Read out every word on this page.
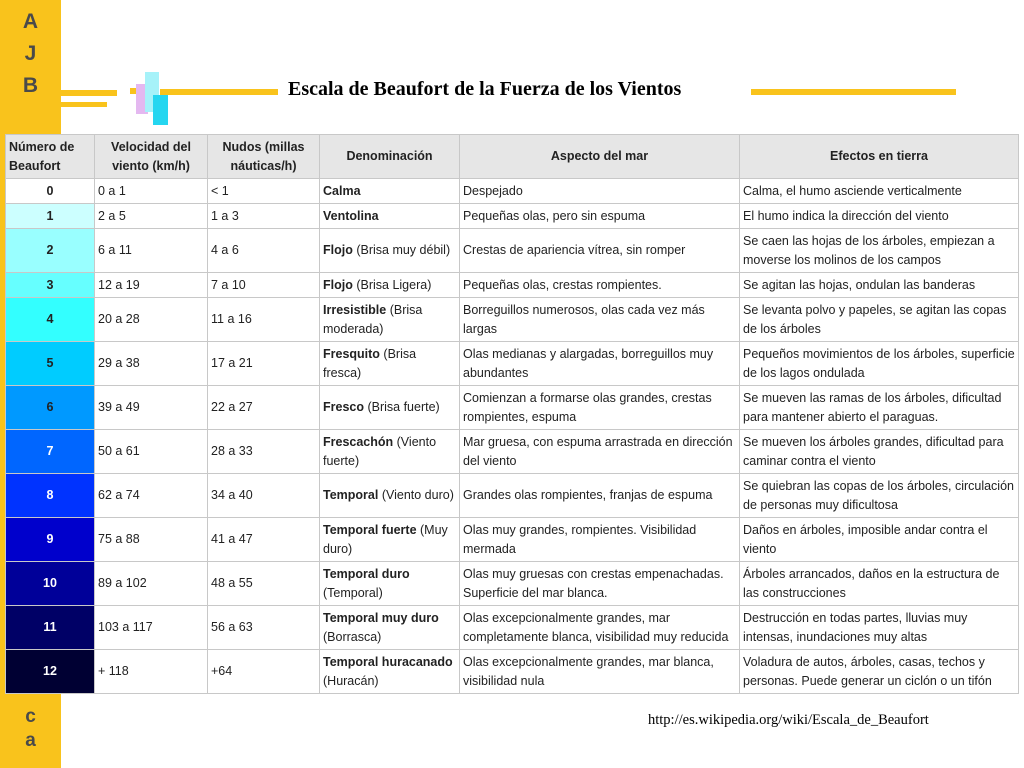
A
J
B
c
a
Escala de Beaufort de la Fuerza de los Vientos
Número de Beaufort	Velocidad del viento (km/h)	Nudos (millas náuticas/h)	Denominación	Aspecto del mar	Efectos en tierra
0	0 a 1	< 1	Calma	Despejado	Calma, el humo asciende verticalmente
1	2 a 5	1 a 3	Ventolina	Pequeñas olas, pero sin espuma	El humo indica la dirección del viento
2	6 a 11	4 a 6	Flojo (Brisa muy débil)	Crestas de apariencia vítrea, sin romper	Se caen las hojas de los árboles, empiezan a moverse los molinos de los campos
3	12 a 19	7 a 10	Flojo (Brisa Ligera)	Pequeñas olas, crestas rompientes.	Se agitan las hojas, ondulan las banderas
4	20 a 28	11 a 16	Irresistible (Brisa moderada)	Borreguillos numerosos, olas cada vez más largas	Se levanta polvo y papeles, se agitan las copas de los árboles
5	29 a 38	17 a 21	Fresquito (Brisa fresca)	Olas medianas y alargadas, borreguillos muy abundantes	Pequeños movimientos de los árboles, superficie de los lagos ondulada
6	39 a 49	22 a 27	Fresco (Brisa fuerte)	Comienzan a formarse olas grandes, crestas rompientes, espuma	Se mueven las ramas de los árboles, dificultad para mantener abierto el paraguas.
7	50 a 61	28 a 33	Frescachón (Viento fuerte)	Mar gruesa, con espuma arrastrada en dirección del viento	Se mueven los árboles grandes, dificultad para caminar contra el viento
8	62 a 74	34 a 40	Temporal (Viento duro)	Grandes olas rompientes, franjas de espuma	Se quiebran las copas de los árboles, circulación de personas muy dificultosa
9	75 a 88	41 a 47	Temporal fuerte (Muy duro)	Olas muy grandes, rompientes. Visibilidad mermada	Daños en árboles, imposible andar contra el viento
10	89 a 102	48 a 55	Temporal duro (Temporal)	Olas muy gruesas con crestas empenachadas. Superficie del mar blanca.	Árboles arrancados, daños en la estructura de las construcciones
11	103 a 117	56 a 63	Temporal muy duro (Borrasca)	Olas excepcionalmente grandes, mar completamente blanca, visibilidad muy reducida	Destrucción en todas partes, lluvias muy intensas, inundaciones muy altas
12	+ 118	+64	Temporal huracanado (Huracán)	Olas excepcionalmente grandes, mar blanca, visibilidad nula	Voladura de autos, árboles, casas, techos y personas. Puede generar un ciclón o un tifón
http://es.wikipedia.org/wiki/Escala_de_Beaufort
